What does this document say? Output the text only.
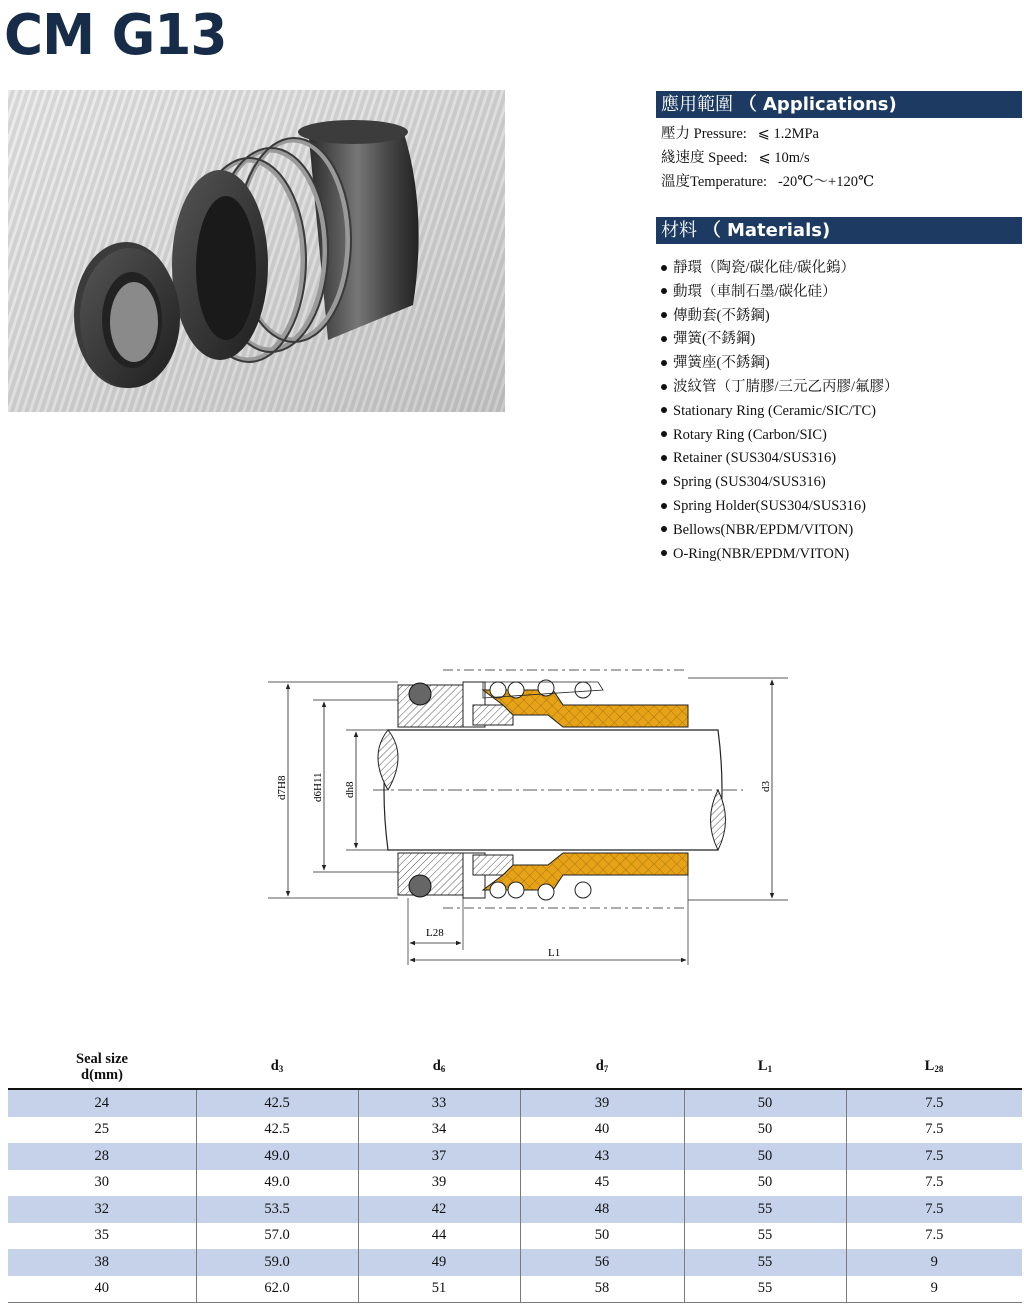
CM G13
應用範圍 （ Applications)
壓力 Pressure: ⩽ 1.2MPa
綫速度 Speed: ⩽ 10m/s
溫度Temperature: -20℃～+120℃
材料 （ Materials)
靜環（陶瓷/碳化硅/碳化鎢）
動環（車制石墨/碳化硅）
傳動套(不銹鋼)
彈簧(不銹鋼)
彈簧座(不銹鋼)
波紋管（丁腈膠/三元乙丙膠/氟膠）
Stationary Ring (Ceramic/SIC/TC)
Rotary Ring (Carbon/SIC)
Retainer (SUS304/SUS316)
Spring (SUS304/SUS316)
Spring Holder(SUS304/SUS316)
Bellows(NBR/EPDM/VITON)
O-Ring(NBR/EPDM/VITON)
d7H8 d6H11 dh8	d3
L28
L1
Seal size
d(mm)	$d_3$	$d_6$	$d_7$	$L_1$	$L_{28}$
24	42.5	33	39	50	7.5
25	42.5	34	40	50	7.5
28	49.0	37	43	50	7.5
30	49.0	39	45	50	7.5
32	53.5	42	48	55	7.5
35	57.0	44	50	55	7.5
38	59.0	49	56	55	9
40	62.0	51	58	55	9
